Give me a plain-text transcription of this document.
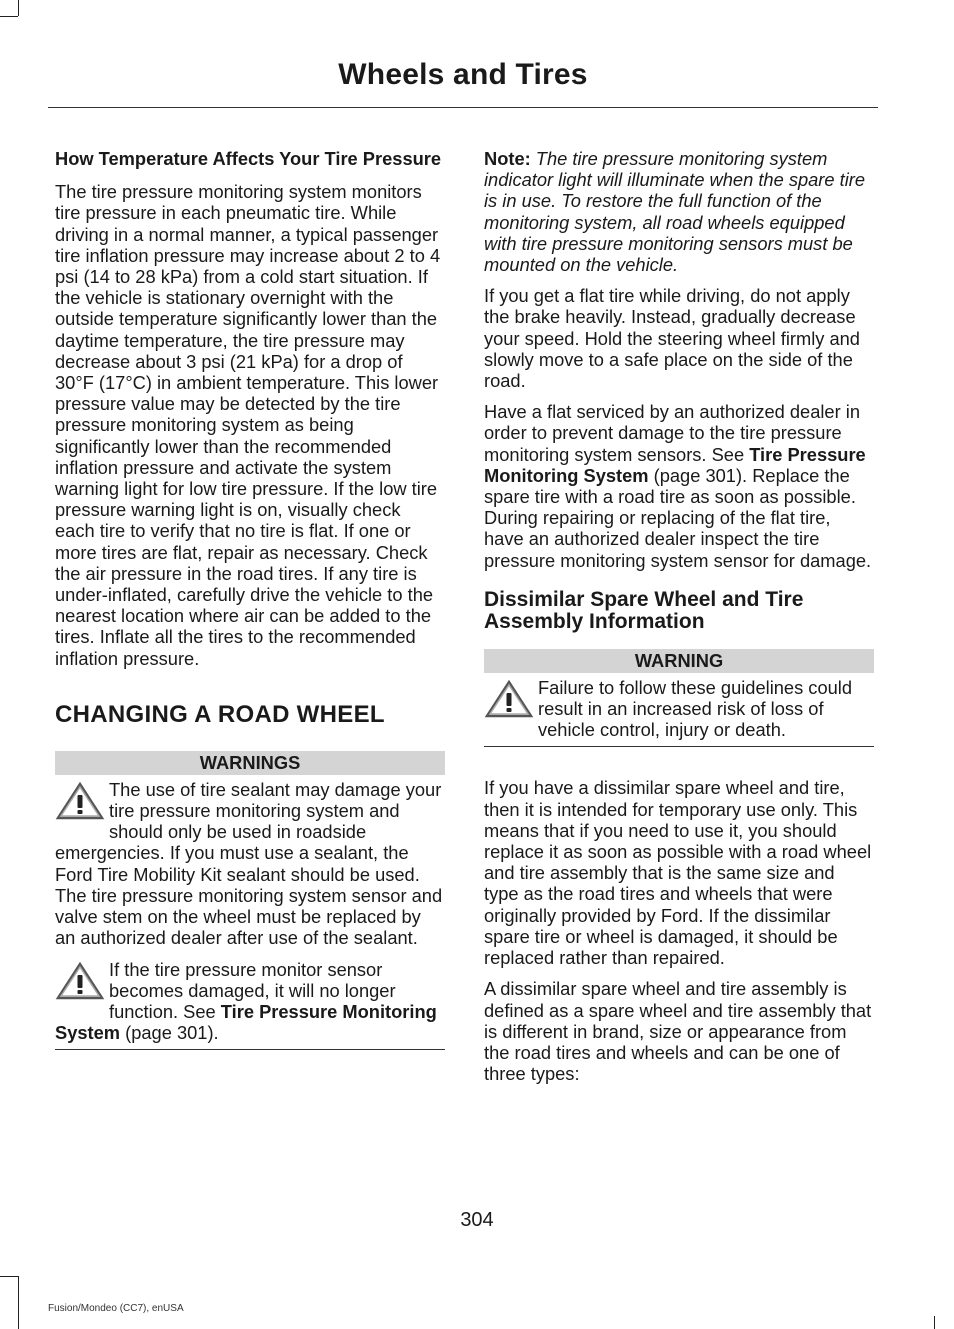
Wheels and Tires
How Temperature Affects Your Tire Pressure

The tire pressure monitoring system monitors tire pressure in each pneumatic tire. While driving in a normal manner, a typical passenger tire inflation pressure may increase about 2 to 4 psi (14 to 28 kPa) from a cold start situation. If the vehicle is stationary overnight with the outside temperature significantly lower than the daytime temperature, the tire pressure may decrease about 3 psi (21 kPa) for a drop of 30°F (17°C) in ambient temperature. This lower pressure value may be detected by the tire pressure monitoring system as being significantly lower than the recommended inflation pressure and activate the system warning light for low tire pressure. If the low tire pressure warning light is on, visually check each tire to verify that no tire is flat. If one or more tires are flat, repair as necessary. Check the air pressure in the road tires. If any tire is under-inflated, carefully drive the vehicle to the nearest location where air can be added to the tires. Inflate all the tires to the recommended inflation pressure.

CHANGING A ROAD WHEEL
WARNINGS
The use of tire sealant may damage your tire pressure monitoring system and should only be used in roadside emergencies. If you must use a sealant, the Ford Tire Mobility Kit sealant should be used. The tire pressure monitoring system sensor and valve stem on the wheel must be replaced by an authorized dealer after use of the sealant.
If the tire pressure monitor sensor becomes damaged, it will no longer function. See Tire Pressure Monitoring System (page 301).

Note: The tire pressure monitoring system indicator light will illuminate when the spare tire is in use. To restore the full function of the monitoring system, all road wheels equipped with tire pressure monitoring sensors must be mounted on the vehicle.

If you get a flat tire while driving, do not apply the brake heavily. Instead, gradually decrease your speed. Hold the steering wheel firmly and slowly move to a safe place on the side of the road.

Have a flat serviced by an authorized dealer in order to prevent damage to the tire pressure monitoring system sensors. See Tire Pressure Monitoring System (page 301). Replace the spare tire with a road tire as soon as possible. During repairing or replacing of the flat tire, have an authorized dealer inspect the tire pressure monitoring system sensor for damage.

Dissimilar Spare Wheel and Tire Assembly Information
WARNING
Failure to follow these guidelines could result in an increased risk of loss of vehicle control, injury or death.

If you have a dissimilar spare wheel and tire, then it is intended for temporary use only. This means that if you need to use it, you should replace it as soon as possible with a road wheel and tire assembly that is the same size and type as the road tires and wheels that were originally provided by Ford. If the dissimilar spare tire or wheel is damaged, it should be replaced rather than repaired.

A dissimilar spare wheel and tire assembly is defined as a spare wheel and tire assembly that is different in brand, size or appearance from the road tires and wheels and can be one of three types:

304
Fusion/Mondeo (CC7), enUSA
